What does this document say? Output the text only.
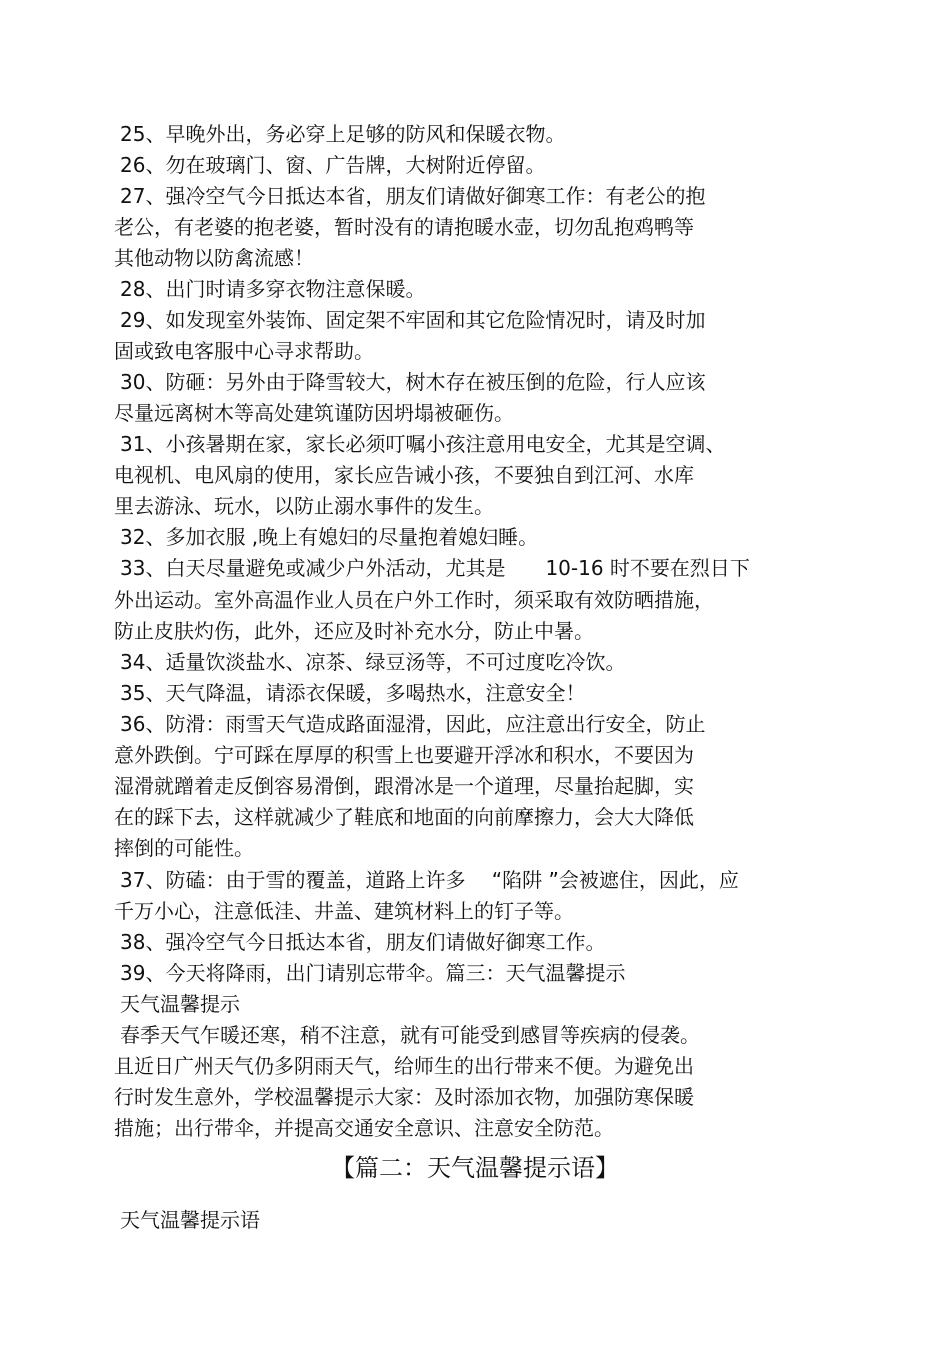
25、早晚外出，务必穿上足够的防风和保暖衣物。
26、勿在玻璃门、窗、广告牌，大树附近停留。
27、强冷空气今日抵达本省，朋友们请做好御寒工作：有老公的抱
老公，有老婆的抱老婆，暂时没有的请抱暖水壶，切勿乱抱鸡鸭等
其他动物以防禽流感！
28、出门时请多穿衣物注意保暖。
29、如发现室外装饰、固定架不牢固和其它危险情况时，请及时加
固或致电客服中心寻求帮助。
30、防砸：另外由于降雪较大，树木存在被压倒的危险，行人应该
尽量远离树木等高处建筑谨防因坍塌被砸伤。
31、小孩暑期在家，家长必须叮嘱小孩注意用电安全，尤其是空调、
电视机、电风扇的使用，家长应告诫小孩，不要独自到江河、水库
里去游泳、玩水，以防止溺水事件的发生。
32、多加衣服 ,晚上有媳妇的尽量抱着媳妇睡。
33、白天尽量避免或减少户外活动，尤其是　　10-16 时不要在烈日下
外出运动。室外高温作业人员在户外工作时，须采取有效防晒措施，
防止皮肤灼伤，此外，还应及时补充水分，防止中暑。
34、适量饮淡盐水、凉茶、绿豆汤等，不可过度吃冷饮。
35、天气降温，请添衣保暖，多喝热水，注意安全！
36、防滑：雨雪天气造成路面湿滑，因此，应注意出行安全，防止
意外跌倒。宁可踩在厚厚的积雪上也要避开浮冰和积水，不要因为
湿滑就蹭着走反倒容易滑倒，跟滑冰是一个道理，尽量抬起脚，实
在的踩下去，这样就减少了鞋底和地面的向前摩擦力，会大大降低
摔倒的可能性。
37、防磕：由于雪的覆盖，道路上许多　 “陷阱 ”会被遮住，因此，应
千万小心，注意低洼、井盖、建筑材料上的钉子等。
38、强冷空气今日抵达本省，朋友们请做好御寒工作。
39、今天将降雨，出门请别忘带伞。篇三：天气温馨提示
天气温馨提示
春季天气乍暖还寒，稍不注意，就有可能受到感冒等疾病的侵袭。
且近日广州天气仍多阴雨天气，给师生的出行带来不便。为避免出
行时发生意外，学校温馨提示大家：及时添加衣物，加强防寒保暖
措施；出行带伞，并提高交通安全意识、注意安全防范。
【篇二：天气温馨提示语】
天气温馨提示语
